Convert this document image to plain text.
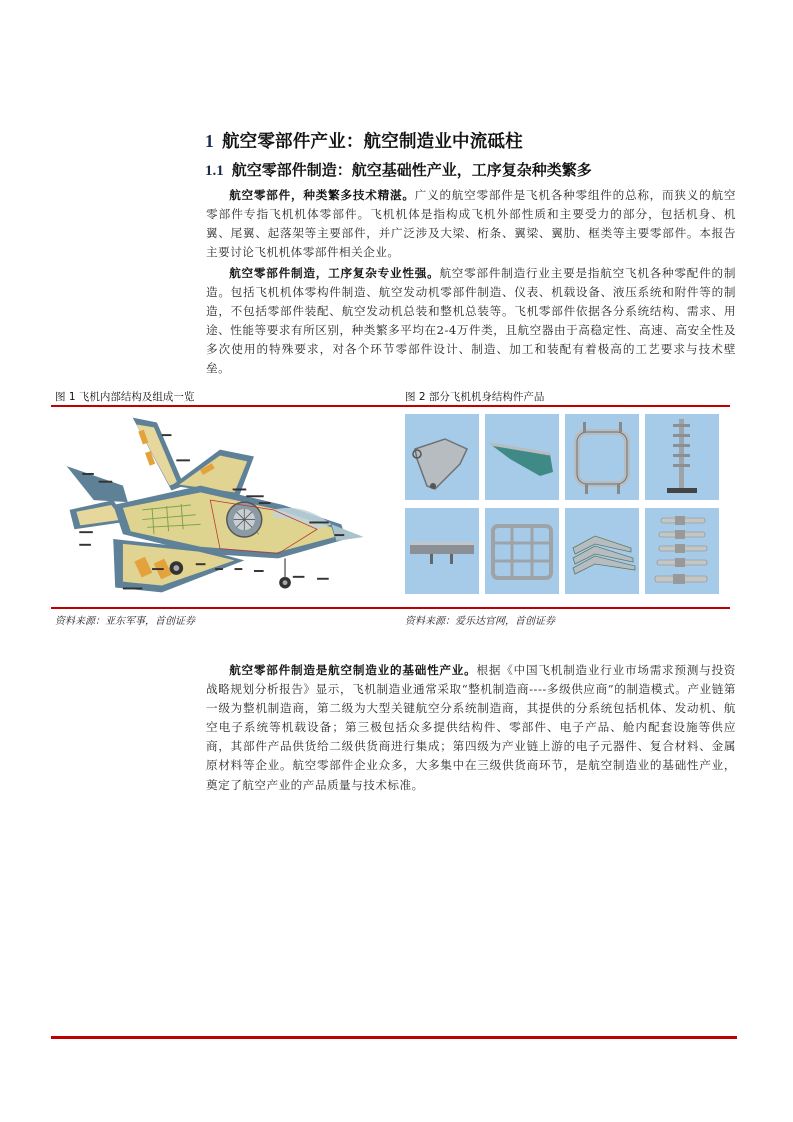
1 航空零部件产业：航空制造业中流砥柱
1.1 航空零部件制造：航空基础性产业，工序复杂种类繁多
航空零部件，种类繁多技术精湛。广义的航空零部件是飞机各种零组件的总称，而狭义的航空零部件专指飞机机体零部件。飞机机体是指构成飞机外部性质和主要受力的部分，包括机身、机翼、尾翼、起落架等主要部件，并广泛涉及大梁、桁条、翼梁、翼肋、框类等主要零部件。本报告主要讨论飞机机体零部件相关企业。
航空零部件制造，工序复杂专业性强。航空零部件制造行业主要是指航空飞机各种零配件的制造。包括飞机机体零构件制造、航空发动机零部件制造、仪表、机载设备、液压系统和附件等的制造，不包括零部件装配、航空发动机总装和整机总装等。飞机零部件依据各分系统结构、需求、用途、性能等要求有所区别，种类繁多平均在2-4万件类，且航空器由于高稳定性、高速、高安全性及多次使用的特殊要求，对各个环节零部件设计、制造、加工和装配有着极高的工艺要求与技术壁垒。
图 1 飞机内部结构及组成一览	图 2 部分飞机机身结构件产品
资料来源：亚东军事，首创证券	资料来源：爱乐达官网，首创证券
航空零部件制造是航空制造业的基础性产业。根据《中国飞机制造业行业市场需求预测与投资战略规划分析报告》显示，飞机制造业通常采取“整机制造商----多级供应商”的制造模式。产业链第一级为整机制造商，第二级为大型关键航空分系统制造商，其提供的分系统包括机体、发动机、航空电子系统等机载设备；第三极包括众多提供结构件、零部件、电子产品、舱内配套设施等供应商，其部件产品供货给二级供货商进行集成；第四级为产业链上游的电子元器件、复合材料、金属原材料等企业。航空零部件企业众多，大多集中在三级供货商环节，是航空制造业的基础性产业，奠定了航空产业的产品质量与技术标准。
